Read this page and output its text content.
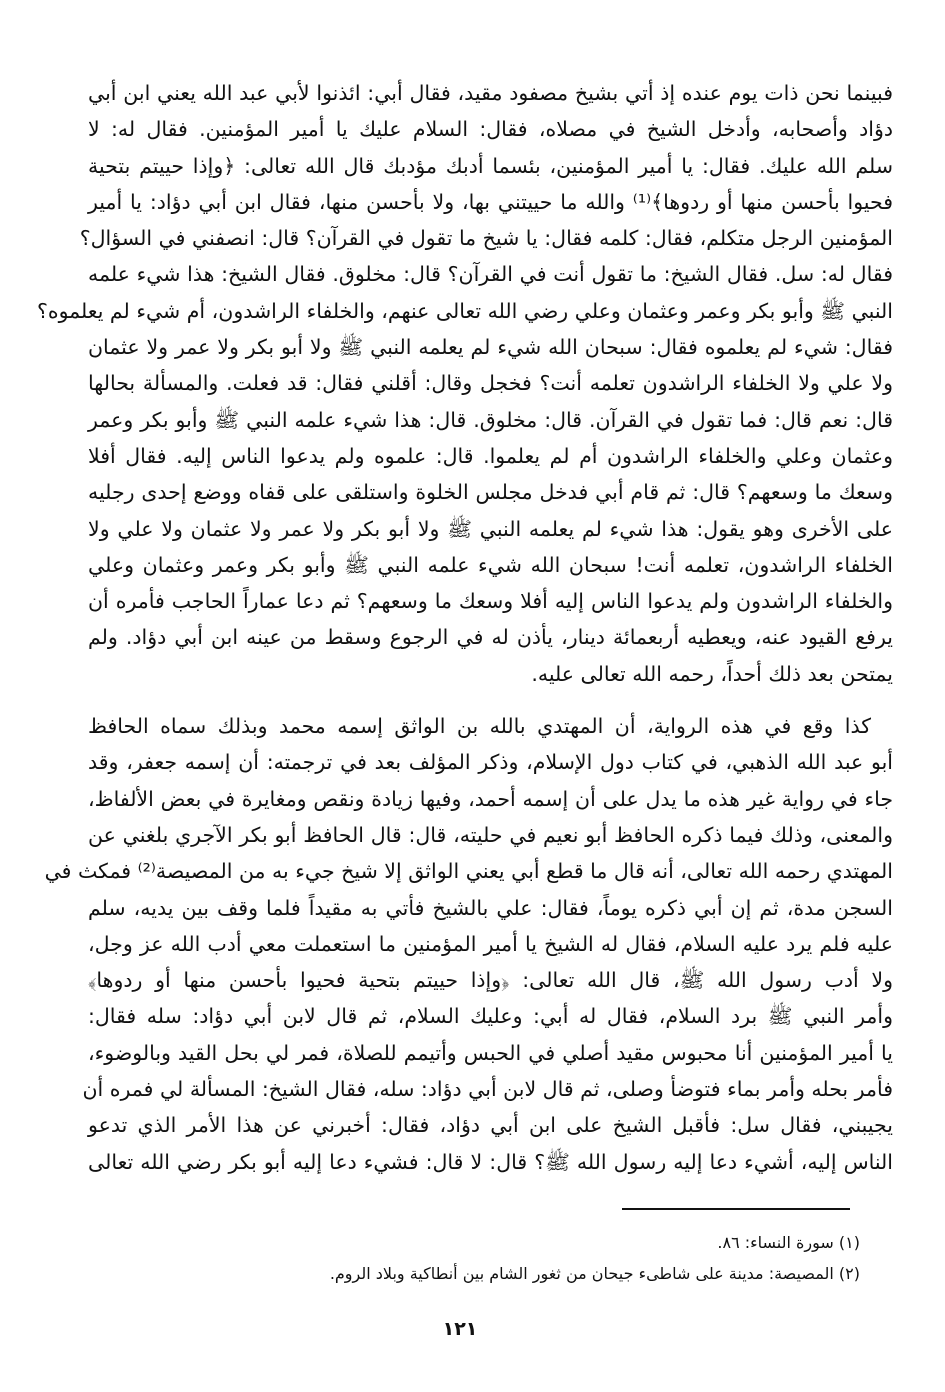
فبينما نحن ذات يوم عنده إذ أتي بشيخ مصفود مقيد، فقال أبي: ائذنوا لأبي عبد الله يعني ابن أبي
دؤاد وأصحابه، وأدخل الشيخ في مصلاه، فقال: السلام عليك يا أمير المؤمنين. فقال له: لا
سلم الله عليك. فقال: يا أمير المؤمنين، بئسما أدبك مؤدبك قال الله تعالى: ﴿وإذا حييتم بتحية
فحيوا بأحسن منها أو ردوها﴾⁽¹⁾ والله ما حييتني بها، ولا بأحسن منها، فقال ابن أبي دؤاد: يا أمير
المؤمنين الرجل متكلم، فقال: كلمه فقال: يا شيخ ما تقول في القرآن؟ قال: انصفني في السؤال؟
فقال له: سل. فقال الشيخ: ما تقول أنت في القرآن؟ قال: مخلوق. فقال الشيخ: هذا شيء علمه
النبي ﷺ وأبو بكر وعمر وعثمان وعلي رضي الله تعالى عنهم، والخلفاء الراشدون، أم شيء لم يعلموه؟
فقال: شيء لم يعلموه فقال: سبحان الله شيء لم يعلمه النبي ﷺ ولا أبو بكر ولا عمر ولا عثمان
ولا علي ولا الخلفاء الراشدون تعلمه أنت؟ فخجل وقال: أقلني فقال: قد فعلت. والمسألة بحالها
قال: نعم قال: فما تقول في القرآن. قال: مخلوق. قال: هذا شيء علمه النبي ﷺ وأبو بكر وعمر
وعثمان وعلي والخلفاء الراشدون أم لم يعلموا. قال: علموه ولم يدعوا الناس إليه. فقال أفلا
وسعك ما وسعهم؟ قال: ثم قام أبي فدخل مجلس الخلوة واستلقى على قفاه ووضع إحدى رجليه
على الأخرى وهو يقول: هذا شيء لم يعلمه النبي ﷺ ولا أبو بكر ولا عمر ولا عثمان ولا علي ولا
الخلفاء الراشدون، تعلمه أنت! سبحان الله شيء علمه النبي ﷺ وأبو بكر وعمر وعثمان وعلي
والخلفاء الراشدون ولم يدعوا الناس إليه أفلا وسعك ما وسعهم؟ ثم دعا عماراً الحاجب فأمره أن
يرفع القيود عنه، ويعطيه أربعمائة دينار، يأذن له في الرجوع وسقط من عينه ابن أبي دؤاد. ولم
يمتحن بعد ذلك أحداً، رحمه الله تعالى عليه.
كذا وقع في هذه الرواية، أن المهتدي بالله بن الواثق إسمه محمد وبذلك سماه الحافظ
أبو عبد الله الذهبي، في كتاب دول الإسلام، وذكر المؤلف بعد في ترجمته: أن إسمه جعفر، وقد
جاء في رواية غير هذه ما يدل على أن إسمه أحمد، وفيها زيادة ونقص ومغايرة في بعض الألفاظ،
والمعنى، وذلك فيما ذكره الحافظ أبو نعيم في حليته، قال: قال الحافظ أبو بكر الآجري بلغني عن
المهتدي رحمه الله تعالى، أنه قال ما قطع أبي يعني الواثق إلا شيخ جيء به من المصيصة⁽²⁾ فمكث في
السجن مدة، ثم إن أبي ذكره يوماً، فقال: علي بالشيخ فأتي به مقيداً فلما وقف بين يديه، سلم
عليه فلم يرد عليه السلام، فقال له الشيخ يا أمير المؤمنين ما استعملت معي أدب الله عز وجل،
ولا أدب رسول الله ﷺ، قال الله تعالى: ﴿وإذا حييتم بتحية فحيوا بأحسن منها أو ردوها﴾
وأمر النبي ﷺ برد السلام، فقال له أبي: وعليك السلام، ثم قال لابن أبي دؤاد: سله فقال:
يا أمير المؤمنين أنا محبوس مقيد أصلي في الحبس وأتيمم للصلاة، فمر لي بحل القيد وبالوضوء،
فأمر بحله وأمر بماء فتوضأ وصلى، ثم قال لابن أبي دؤاد: سله، فقال الشيخ: المسألة لي فمره أن
يجيبني، فقال سل: فأقبل الشيخ على ابن أبي دؤاد، فقال: أخبرني عن هذا الأمر الذي تدعو
الناس إليه، أشيء دعا إليه رسول الله ﷺ؟ قال: لا قال: فشيء دعا إليه أبو بكر رضي الله تعالى
(١) سورة النساء: ٨٦.
(٢) المصيصة: مدينة على شاطىء جيحان من ثغور الشام بين أنطاكية وبلاد الروم.
١٢١
